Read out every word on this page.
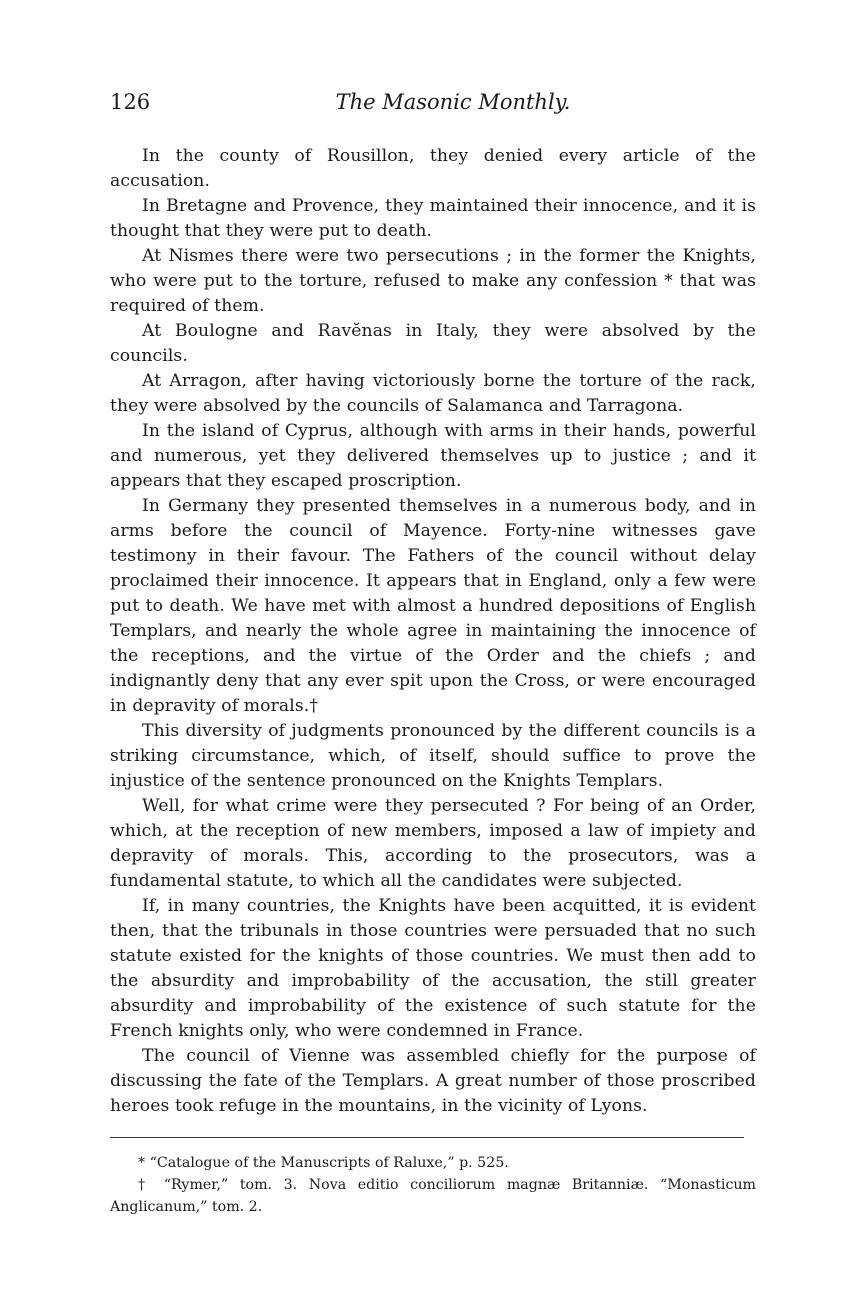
126	The Masonic Monthly.

In the county of Rousillon, they denied every article of the accusation.

In Bretagne and Provence, they maintained their innocence, and it is thought that they were put to death.

At Nismes there were two persecutions ; in the former the Knights, who were put to the torture, refused to make any confession * that was required of them.

At Boulogne and Ravĕnas in Italy, they were absolved by the councils.

At Arragon, after having victoriously borne the torture of the rack, they were absolved by the councils of Salamanca and Tarragona.

In the island of Cyprus, although with arms in their hands, powerful and numerous, yet they delivered themselves up to justice ; and it appears that they escaped proscription.

In Germany they presented themselves in a numerous body, and in arms before the council of Mayence. Forty-nine witnesses gave testimony in their favour. The Fathers of the council without delay proclaimed their innocence. It appears that in England, only a few were put to death. We have met with almost a hundred depositions of English Templars, and nearly the whole agree in maintaining the innocence of the receptions, and the virtue of the Order and the chiefs ; and indignantly deny that any ever spit upon the Cross, or were encouraged in depravity of morals.†

This diversity of judgments pronounced by the different councils is a striking circumstance, which, of itself, should suffice to prove the injustice of the sentence pronounced on the Knights Templars.

Well, for what crime were they persecuted ? For being of an Order, which, at the reception of new members, imposed a law of impiety and depravity of morals. This, according to the prosecutors, was a fundamental statute, to which all the candidates were subjected.

If, in many countries, the Knights have been acquitted, it is evident then, that the tribunals in those countries were persuaded that no such statute existed for the knights of those countries. We must then add to the absurdity and improbability of the accusation, the still greater absurdity and improbability of the existence of such statute for the French knights only, who were condemned in France.

The council of Vienne was assembled chiefly for the purpose of discussing the fate of the Templars. A great number of those proscribed heroes took refuge in the mountains, in the vicinity of Lyons.

* “Catalogue of the Manuscripts of Raluxe,” p. 525.

† “Rymer,” tom. 3. Nova editio conciliorum magnæ Britanniæ. “Monasticum Anglicanum,” tom. 2.
